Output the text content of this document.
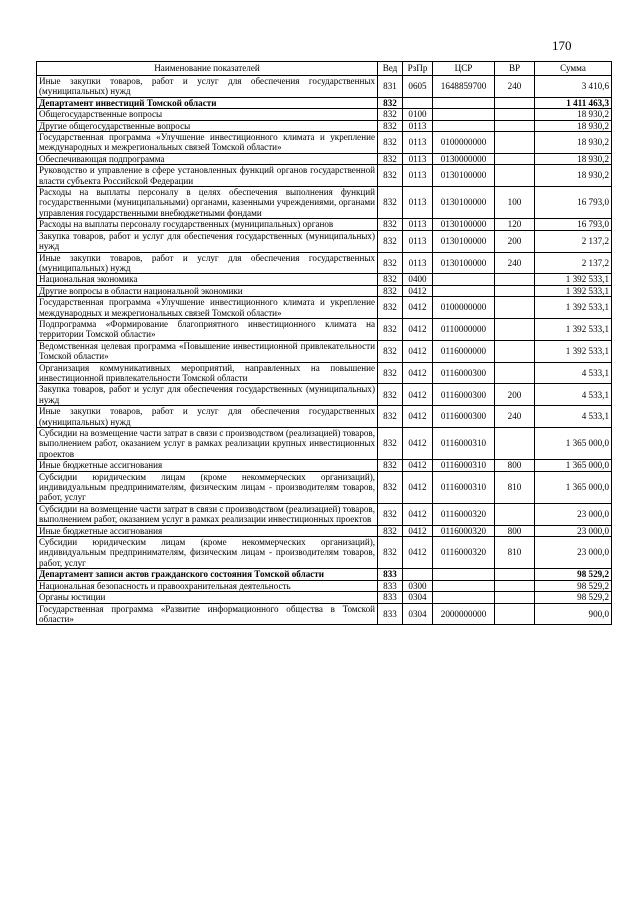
170
Наименование показателей	Вед	РзПр	ЦСР	ВР	Сумма
Иные закупки товаров, работ и услуг для обеспечения государственных (муниципальных) нужд	831	0605	1648859700	240	3 410,6
Департамент инвестиций Томской области	832				1 411 463,3
Общегосударственные вопросы	832	0100			18 930,2
Другие общегосударственные вопросы	832	0113			18 930,2
Государственная программа «Улучшение инвестиционного климата и укрепление международных и межрегиональных связей Томской области»	832	0113	0100000000		18 930,2
Обеспечивающая подпрограмма	832	0113	0130000000		18 930,2
Руководство и управление в сфере установленных функций органов государственной власти субъекта Российской Федерации	832	0113	0130100000		18 930,2
Расходы на выплаты персоналу в целях обеспечения выполнения функций государственными (муниципальными) органами, казенными учреждениями, органами управления государственными внебюджетными фондами	832	0113	0130100000	100	16 793,0
Расходы на выплаты персоналу государственных (муниципальных) органов	832	0113	0130100000	120	16 793,0
Закупка товаров, работ и услуг для обеспечения государственных (муниципальных) нужд	832	0113	0130100000	200	2 137,2
Иные закупки товаров, работ и услуг для обеспечения государственных (муниципальных) нужд	832	0113	0130100000	240	2 137,2
Национальная экономика	832	0400			1 392 533,1
Другие вопросы в области национальной экономики	832	0412			1 392 533,1
Государственная программа «Улучшение инвестиционного климата и укрепление международных и межрегиональных связей Томской области»	832	0412	0100000000		1 392 533,1
Подпрограмма «Формирование благоприятного инвестиционного климата на территории Томской области»	832	0412	0110000000		1 392 533,1
Ведомственная целевая программа «Повышение инвестиционной привлекательности Томской области»	832	0412	0116000000		1 392 533,1
Организация коммуникативных мероприятий, направленных на повышение инвестиционной привлекательности Томской области	832	0412	0116000300		4 533,1
Закупка товаров, работ и услуг для обеспечения государственных (муниципальных) нужд	832	0412	0116000300	200	4 533,1
Иные закупки товаров, работ и услуг для обеспечения государственных (муниципальных) нужд	832	0412	0116000300	240	4 533,1
Субсидии на возмещение части затрат в связи с производством (реализацией) товаров, выполнением работ, оказанием услуг в рамках реализации крупных инвестиционных проектов	832	0412	0116000310		1 365 000,0
Иные бюджетные ассигнования	832	0412	0116000310	800	1 365 000,0
Субсидии юридическим лицам (кроме некоммерческих организаций), индивидуальным предпринимателям, физическим лицам - производителям товаров, работ, услуг	832	0412	0116000310	810	1 365 000,0
Субсидии на возмещение части затрат в связи с производством (реализацией) товаров, выполнением работ, оказанием услуг в рамках реализации инвестиционных проектов	832	0412	0116000320		23 000,0
Иные бюджетные ассигнования	832	0412	0116000320	800	23 000,0
Субсидии юридическим лицам (кроме некоммерческих организаций), индивидуальным предпринимателям, физическим лицам - производителям товаров, работ, услуг	832	0412	0116000320	810	23 000,0
Департамент записи актов гражданского состояния Томской области	833				98 529,2
Национальная безопасность и правоохранительная деятельность	833	0300			98 529,2
Органы юстиции	833	0304			98 529,2
Государственная программа «Развитие информационного общества в Томской области»	833	0304	2000000000		900,0
